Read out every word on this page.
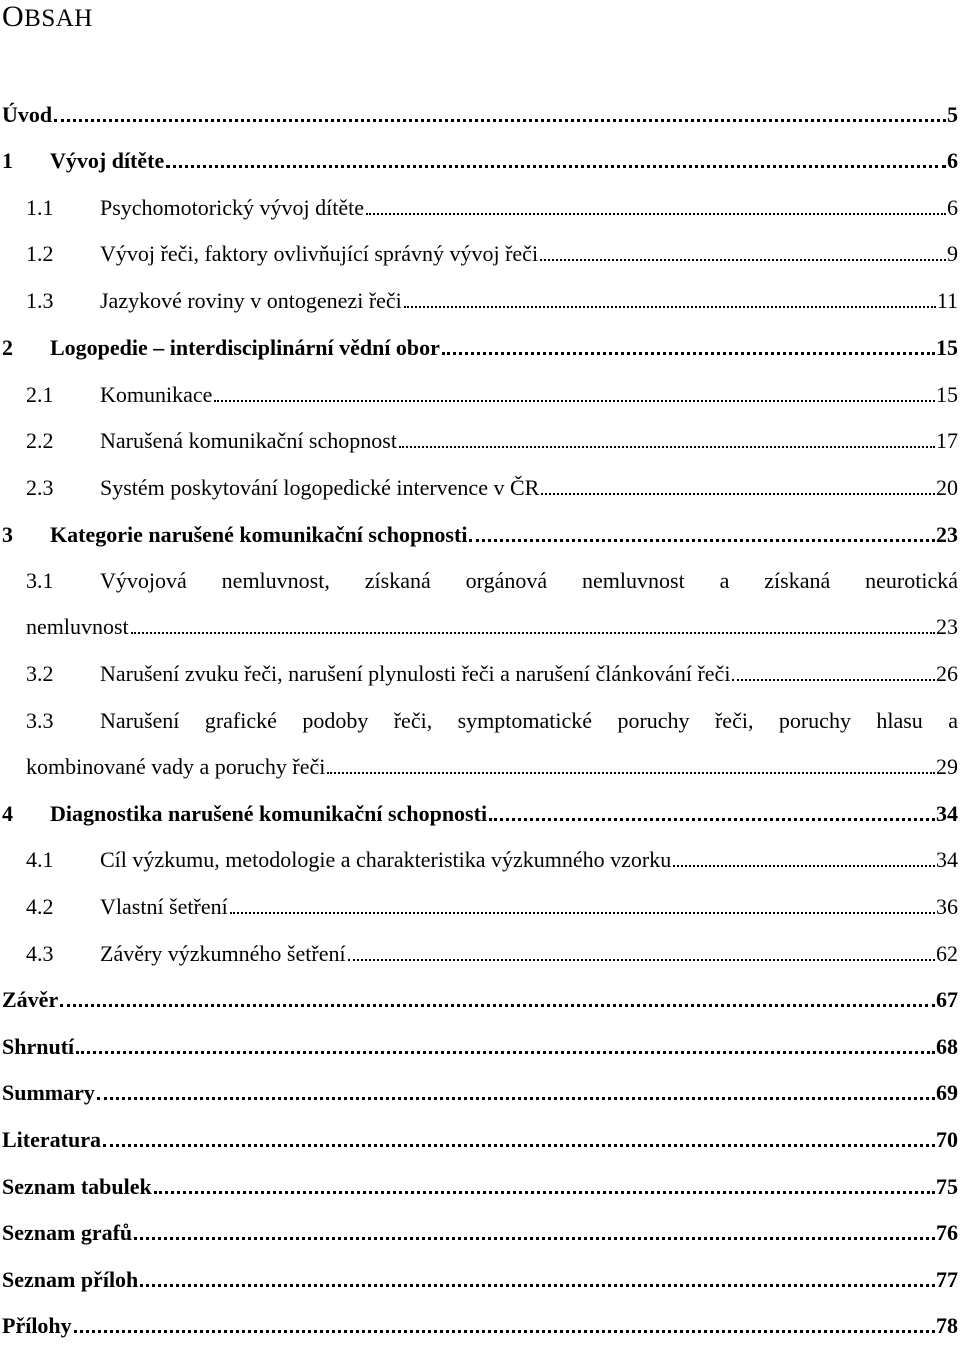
OBSAH
Úvod	5
1 Vývoj dítěte	6
1.1 Psychomotorický vývoj dítěte	6
1.2 Vývoj řeči, faktory ovlivňující správný vývoj řeči	9
1.3 Jazykové roviny v ontogenezi řeči	11
2 Logopedie – interdisciplinární vědní obor	15
2.1 Komunikace	15
2.2 Narušená komunikační schopnost	17
2.3 Systém poskytování logopedické intervence v ČR	20
3 Kategorie narušené komunikační schopnosti	23
3.1 Vývojová nemluvnost, získaná orgánová nemluvnost a získaná neurotická
nemluvnost	23
3.2 Narušení zvuku řeči, narušení plynulosti řeči a narušení článkování řeči	26
3.3 Narušení grafické podoby řeči, symptomatické poruchy řeči, poruchy hlasu a
kombinované vady a poruchy řeči	29
4 Diagnostika narušené komunikační schopnosti	34
4.1 Cíl výzkumu, metodologie a charakteristika výzkumného vzorku	34
4.2 Vlastní šetření	36
4.3 Závěry výzkumného šetření	62
Závěr	67
Shrnutí	68
Summary	69
Literatura	70
Seznam tabulek	75
Seznam grafů	76
Seznam příloh	77
Přílohy	78
